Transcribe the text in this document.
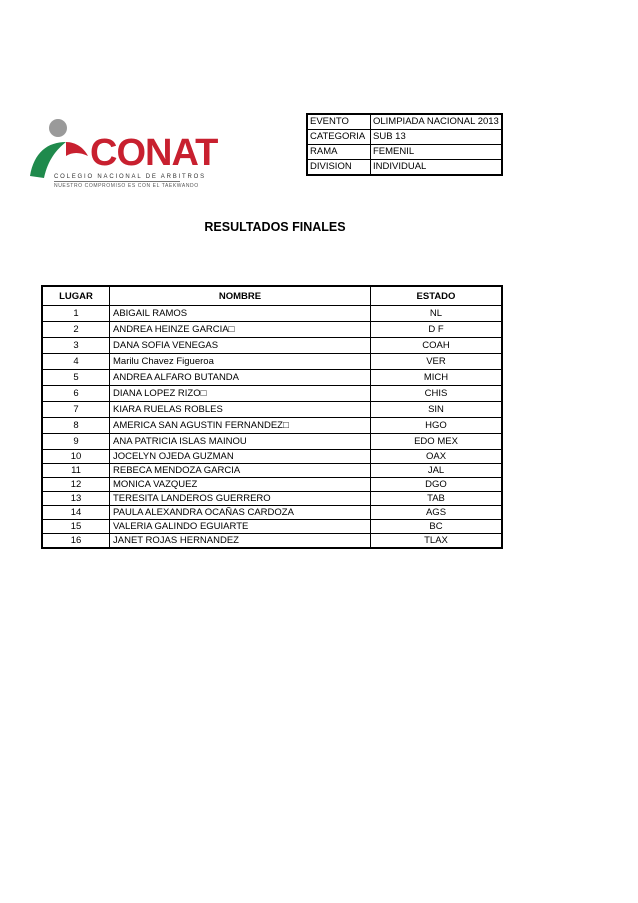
CONAT
COLEGIO NACIONAL DE ARBITROS
NUESTRO COMPROMISO ES CON EL TAEKWANDO
EVENTO	OLIMPIADA NACIONAL 2013
CATEGORIA	SUB 13
RAMA	FEMENIL
DIVISION	INDIVIDUAL
RESULTADOS FINALES
LUGAR	NOMBRE	ESTADO
1	ABIGAIL RAMOS	NL
2	ANDREA HEINZE GARCIA□	D F
3	DANA SOFIA VENEGAS	COAH
4	Marilu Chavez Figueroa	VER
5	ANDREA ALFARO BUTANDA	MICH
6	DIANA LOPEZ RIZO□	CHIS
7	KIARA RUELAS ROBLES	SIN
8	AMERICA SAN AGUSTIN FERNANDEZ□	HGO
9	ANA PATRICIA ISLAS MAINOU	EDO MEX
10	JOCELYN OJEDA GUZMAN	OAX
11	REBECA MENDOZA GARCIA	JAL
12	MONICA VAZQUEZ	DGO
13	TERESITA LANDEROS GUERRERO	TAB
14	PAULA ALEXANDRA OCAÑAS CARDOZA	AGS
15	VALERIA GALINDO EGUIARTE	BC
16	JANET ROJAS HERNANDEZ	TLAX
